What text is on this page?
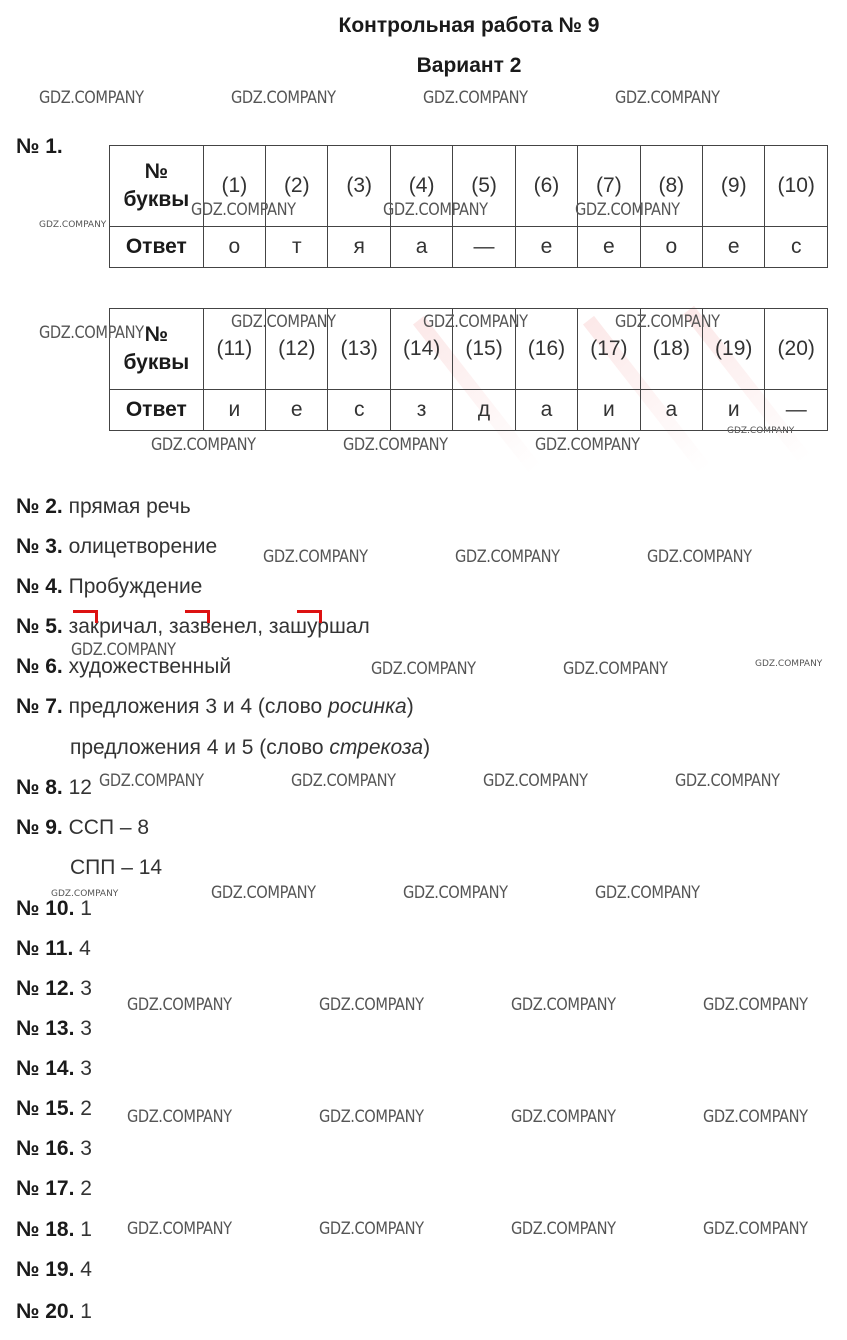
Контрольная работа № 9
Вариант 2
№ 1.
№ буквы	(1)	(2)	(3)	(4)	(5)	(6)	(7)	(8)	(9)	(10)
Ответ	о	т	я	а	—	е	е	о	е	с
№ буквы	(11)	(12)	(13)	(14)	(15)	(16)	(17)	(18)	(19)	(20)
Ответ	и	е	с	з	д	а	и	а	и	—
№ 2. прямая речь
№ 3. олицетворение
№ 4. Пробуждение
№ 5. закричал, зазвенел, зашуршал
№ 6. художественный
№ 7. предложения 3 и 4 (слово росинка)
предложения 4 и 5 (слово стрекоза)
№ 8. 12
№ 9. ССП – 8
СПП – 14
№ 10. 1
№ 11. 4
№ 12. 3
№ 13. 3
№ 14. 3
№ 15. 2
№ 16. 3
№ 17. 2
№ 18. 1
№ 19. 4
№ 20. 1
GDZ.COMPANY	GDZ.COMPANY	GDZ.COMPANY	GDZ.COMPANY
GDZ.COMPANY
GDZ.COMPANY	GDZ.COMPANY	GDZ.COMPANY
GDZ.COMPANY
GDZ.COMPANY	GDZ.COMPANY	GDZ.COMPANY
GDZ.COMPANY	GDZ.COMPANY	GDZ.COMPANY
GDZ.COMPANY
GDZ.COMPANY	GDZ.COMPANY	GDZ.COMPANY
GDZ.COMPANY
GDZ.COMPANY	GDZ.COMPANY	GDZ.COMPANY
GDZ.COMPANY	GDZ.COMPANY	GDZ.COMPANY	GDZ.COMPANY
GDZ.COMPANY	GDZ.COMPANY	GDZ.COMPANY	GDZ.COMPANY
GDZ.COMPANY	GDZ.COMPANY	GDZ.COMPANY	GDZ.COMPANY
GDZ.COMPANY	GDZ.COMPANY	GDZ.COMPANY	GDZ.COMPANY
GDZ.COMPANY	GDZ.COMPANY	GDZ.COMPANY	GDZ.COMPANY
